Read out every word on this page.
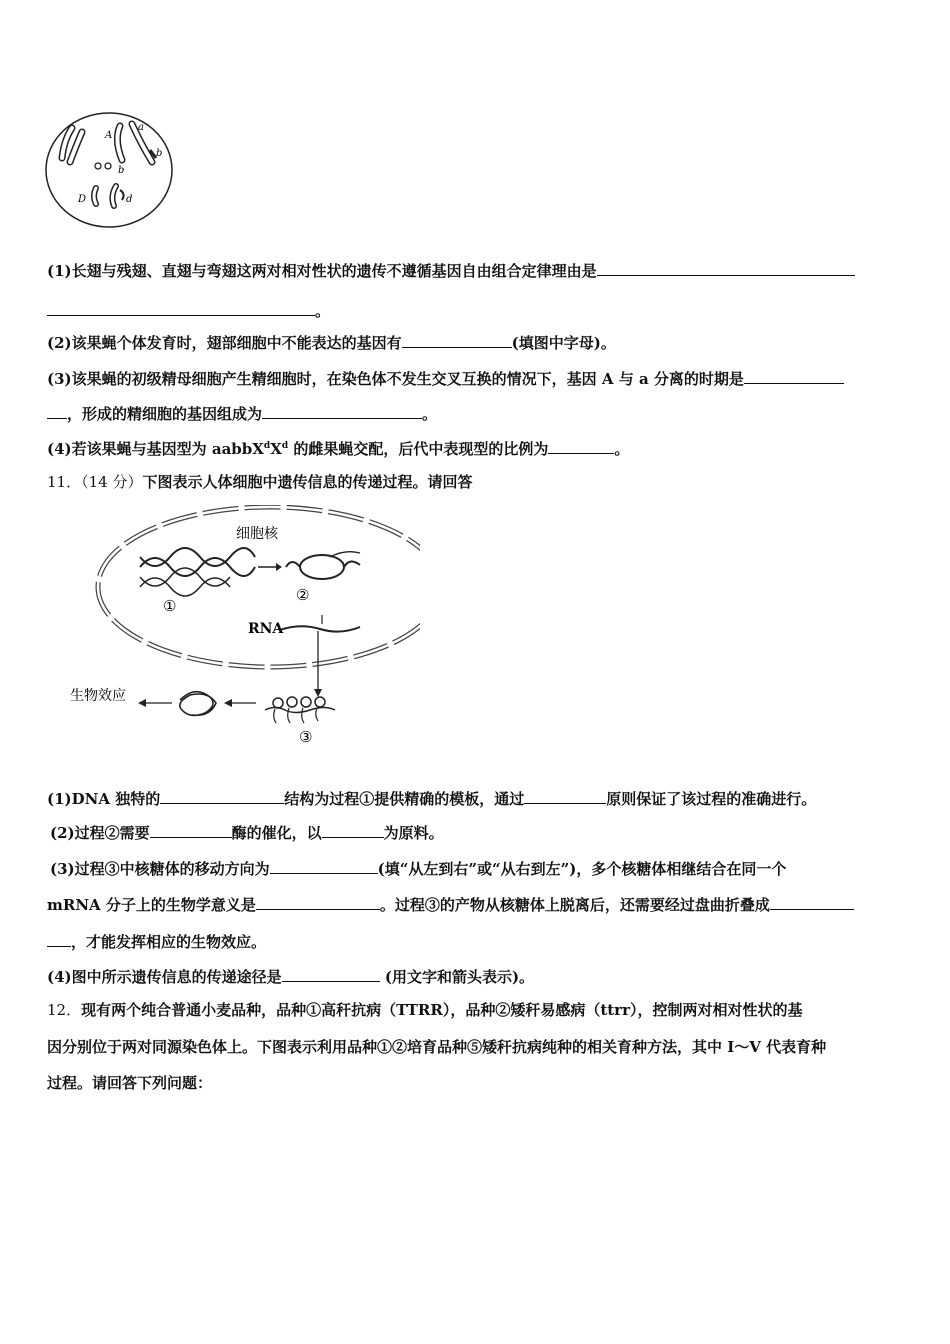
A
a
b
b
D	d
(1)长翅与残翅、直翅与弯翅这两对相对性状的遗传不遵循基因自由组合定律理由是
。
(2)该果蝇个体发育时，翅部细胞中不能表达的基因有	(填图中字母)。
(3)该果蝇的初级精母细胞产生精细胞时，在染色体不发生交叉互换的情况下，基因 A 与 a 分离的时期是
，形成的精细胞的基因组成为	。
(4)若该果蝇与基因型为 $aabbX^dX^d$ 的雌果蝇交配，后代中表现型的比例为	。
11．（14 分）下图表示人体细胞中遗传信息的传递过程。请回答
细胞核
①
②
RNA
③
生物效应
(1)DNA 独特的	结构为过程①提供精确的模板，通过	原则保证了该过程的准确进行。
(2)过程②需要	酶的催化，以	为原料。
(3)过程③中核糖体的移动方向为	(填“从左到右”或“从右到左”)，多个核糖体相继结合在同一个
mRNA 分子上的生物学意义是	。过程③的产物从核糖体上脱离后，还需要经过盘曲折叠成
，才能发挥相应的生物效应。
(4)图中所示遗传信息的传递途径是	(用文字和箭头表示)。
12．现有两个纯合普通小麦品种，品种①高秆抗病（TTRR），品种②矮秆易感病（ttrr），控制两对相对性状的基
因分别位于两对同源染色体上。下图表示利用品种①②培育品种⑤矮秆抗病纯种的相关育种方法，其中 I～V 代表育种
过程。请回答下列问题：
